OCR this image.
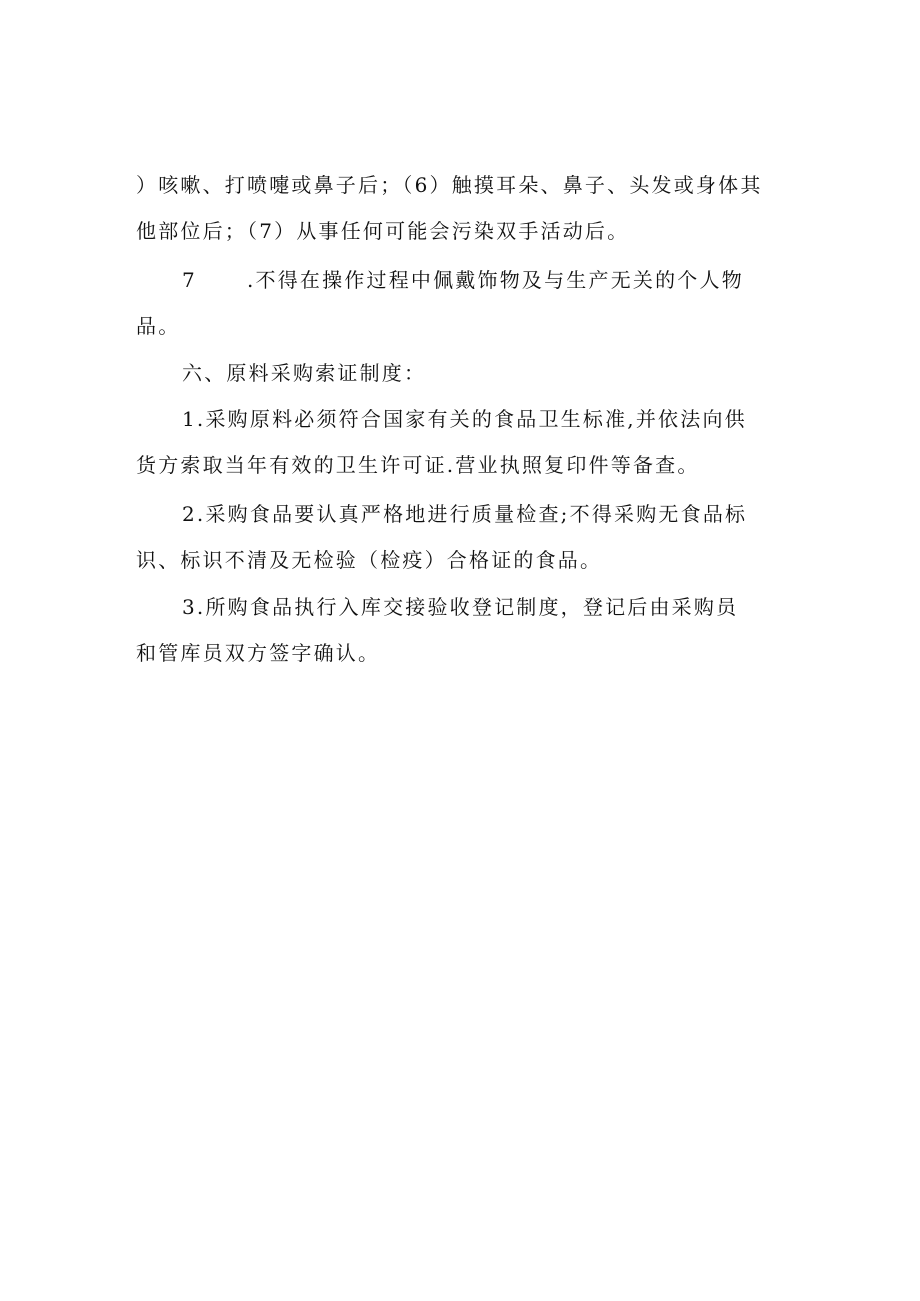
）咳嗽、打喷嚏或鼻子后；（6）触摸耳朵、鼻子、头发或身体其
他部位后；（7）从事任何可能会污染双手活动后。
7	.不得在操作过程中佩戴饰物及与生产无关的个人物
品。
六、原料采购索证制度：
1.采购原料必须符合国家有关的食品卫生标准,并依法向供
货方索取当年有效的卫生许可证.营业执照复印件等备查。
2.采购食品要认真严格地进行质量检查;不得采购无食品标
识、标识不清及无检验（检疫）合格证的食品。
3.所购食品执行入库交接验收登记制度，登记后由采购员
和管库员双方签字确认。
